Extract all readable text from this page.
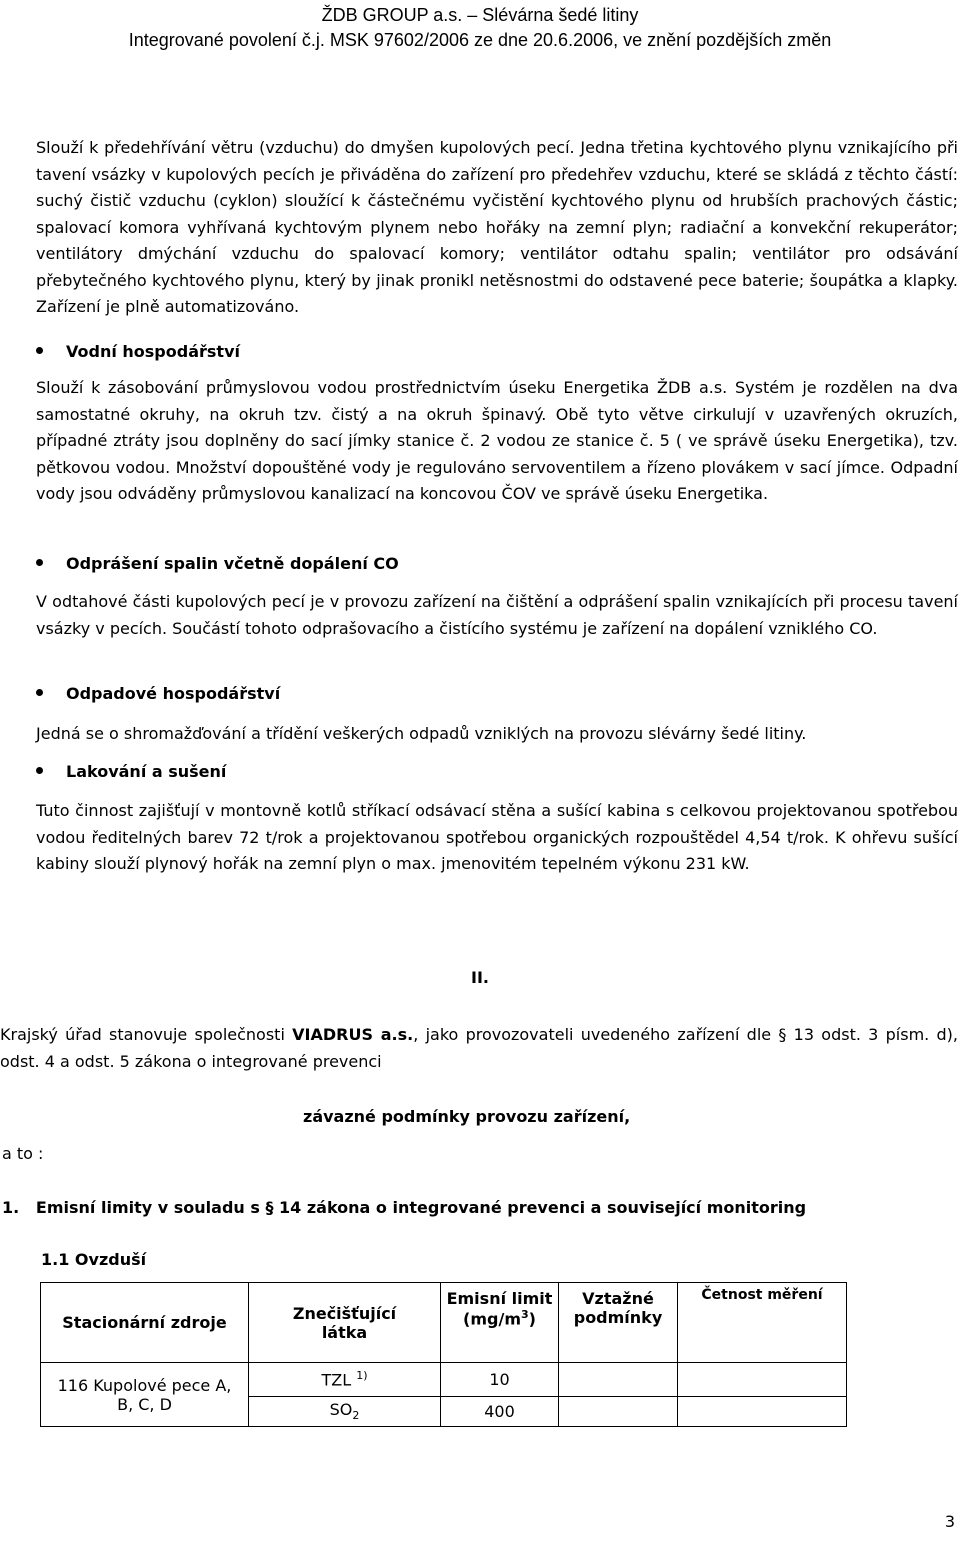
ŽDB GROUP a.s. – Slévárna šedé litiny
Integrované povolení č.j. MSK 97602/2006 ze dne 20.6.2006, ve znění pozdějších změn
Slouží k předehřívání větru (vzduchu) do dmyšen kupolových pecí. Jedna třetina kychtového plynu vznikajícího při tavení vsázky v kupolových pecích je přiváděna do zařízení pro předehřev vzduchu, které se skládá z těchto částí: suchý čistič vzduchu (cyklon) sloužící k částečnému vyčistění kychtového plynu od hrubších prachových částic; spalovací komora vyhřívaná kychtovým plynem nebo hořáky na zemní plyn; radiační a konvekční rekuperátor; ventilátory dmýchání vzduchu do spalovací komory; ventilátor odtahu spalin; ventilátor pro odsávání přebytečného kychtového plynu, který by jinak pronikl netěsnostmi do odstavené pece baterie; šoupátka a klapky. Zařízení je plně automatizováno.
Vodní hospodářství
Slouží k zásobování průmyslovou vodou prostřednictvím úseku Energetika ŽDB a.s. Systém je rozdělen na dva samostatné okruhy, na okruh tzv. čistý a na okruh špinavý. Obě tyto větve cirkulují v uzavřených okruzích, případné ztráty jsou doplněny do sací jímky stanice č. 2 vodou ze stanice č. 5 ( ve správě úseku Energetika), tzv. pětkovou vodou. Množství dopouštěné vody je regulováno servoventilem a řízeno plovákem v sací jímce. Odpadní vody jsou odváděny průmyslovou kanalizací na koncovou ČOV ve správě úseku Energetika.
Odprášení spalin včetně dopálení CO
V odtahové části kupolových pecí je v provozu zařízení na čištění a odprášení spalin vznikajících při procesu tavení vsázky v pecích. Součástí tohoto odprašovacího a čistícího systému je zařízení na dopálení vzniklého CO.
Odpadové hospodářství
Jedná se o shromažďování a třídění veškerých odpadů vzniklých na provozu slévárny šedé litiny.
Lakování a sušení
Tuto činnost zajišťují v montovně kotlů stříkací odsávací stěna a sušící kabina s celkovou projektovanou spotřebou vodou ředitelných barev 72 t/rok a projektovanou spotřebou organických rozpouštědel 4,54 t/rok. K ohřevu sušící kabiny slouží plynový hořák na zemní plyn o max. jmenovitém tepelném výkonu 231 kW.
II.
Krajský úřad stanovuje společnosti VIADRUS a.s., jako provozovateli uvedeného zařízení dle § 13 odst. 3 písm. d), odst. 4 a odst. 5 zákona o integrované prevenci
závazné podmínky provozu zařízení,
a to :
1.   Emisní limity v souladu s § 14 zákona o integrované prevenci a související monitoring
1.1 Ovzduší
Stacionární zdroje	Znečišťující látka	Emisní limit $(mg/m^3)$	Vztažné podmínky	Četnost měření
116 Kupolové pece A, B, C, D	TZL $^{1)}$	10		
	$SO_2$	400		
3
